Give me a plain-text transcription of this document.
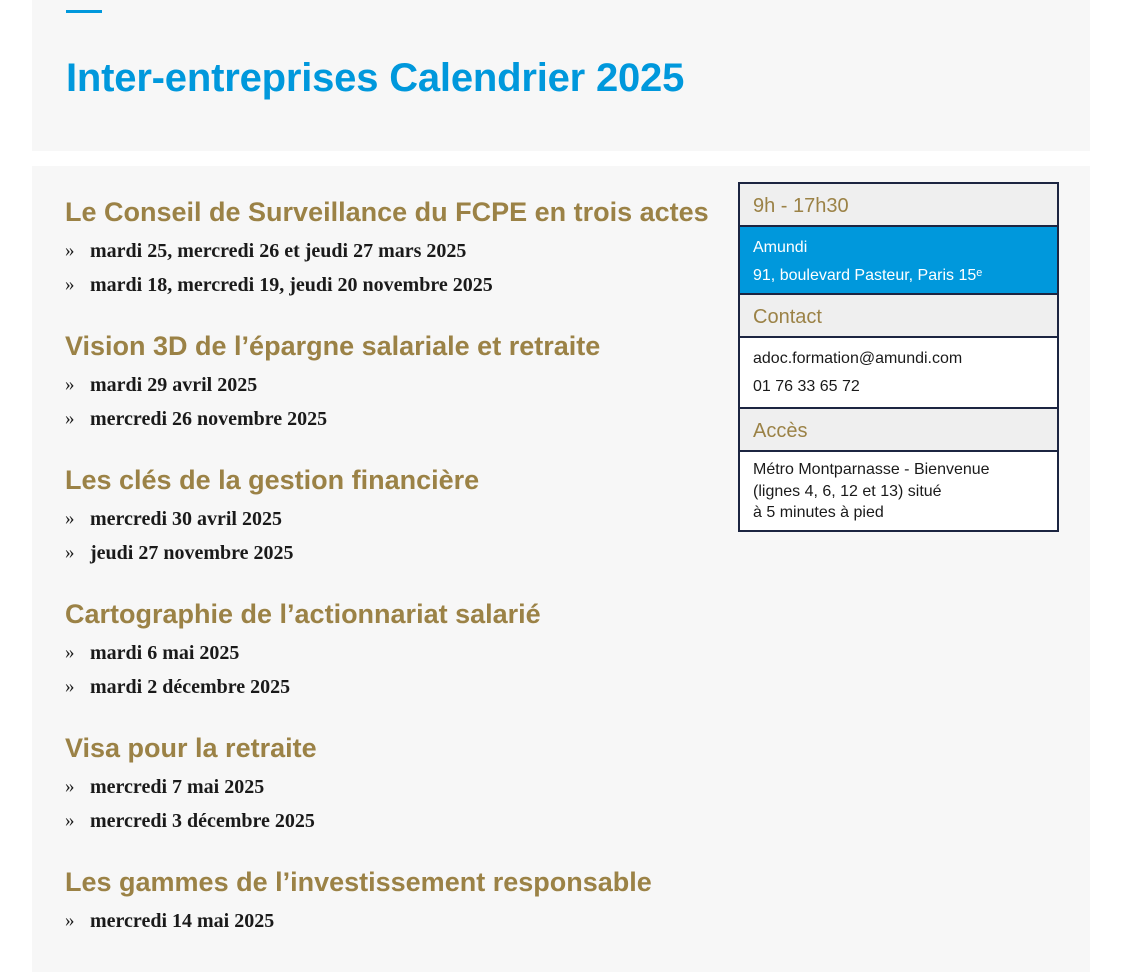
Inter-entreprises Calendrier 2025
Le Conseil de Surveillance du FCPE en trois actes
» mardi 25, mercredi 26 et jeudi 27 mars 2025
» mardi 18, mercredi 19, jeudi 20 novembre 2025
Vision 3D de l’épargne salariale et retraite
» mardi 29 avril 2025
» mercredi 26 novembre 2025
Les clés de la gestion financière
» mercredi 30 avril 2025
» jeudi 27 novembre 2025
Cartographie de l’actionnariat salarié
» mardi 6 mai 2025
» mardi 2 décembre 2025
Visa pour la retraite
» mercredi 7 mai 2025
» mercredi 3 décembre 2025
Les gammes de l’investissement responsable
» mercredi 14 mai 2025
9h - 17h30
Amundi
91, boulevard Pasteur, Paris 15ᵉ
Contact
adoc.formation@amundi.com
01 76 33 65 72
Accès
Métro Montparnasse - Bienvenue
(lignes 4, 6, 12 et 13) situé
à 5 minutes à pied
